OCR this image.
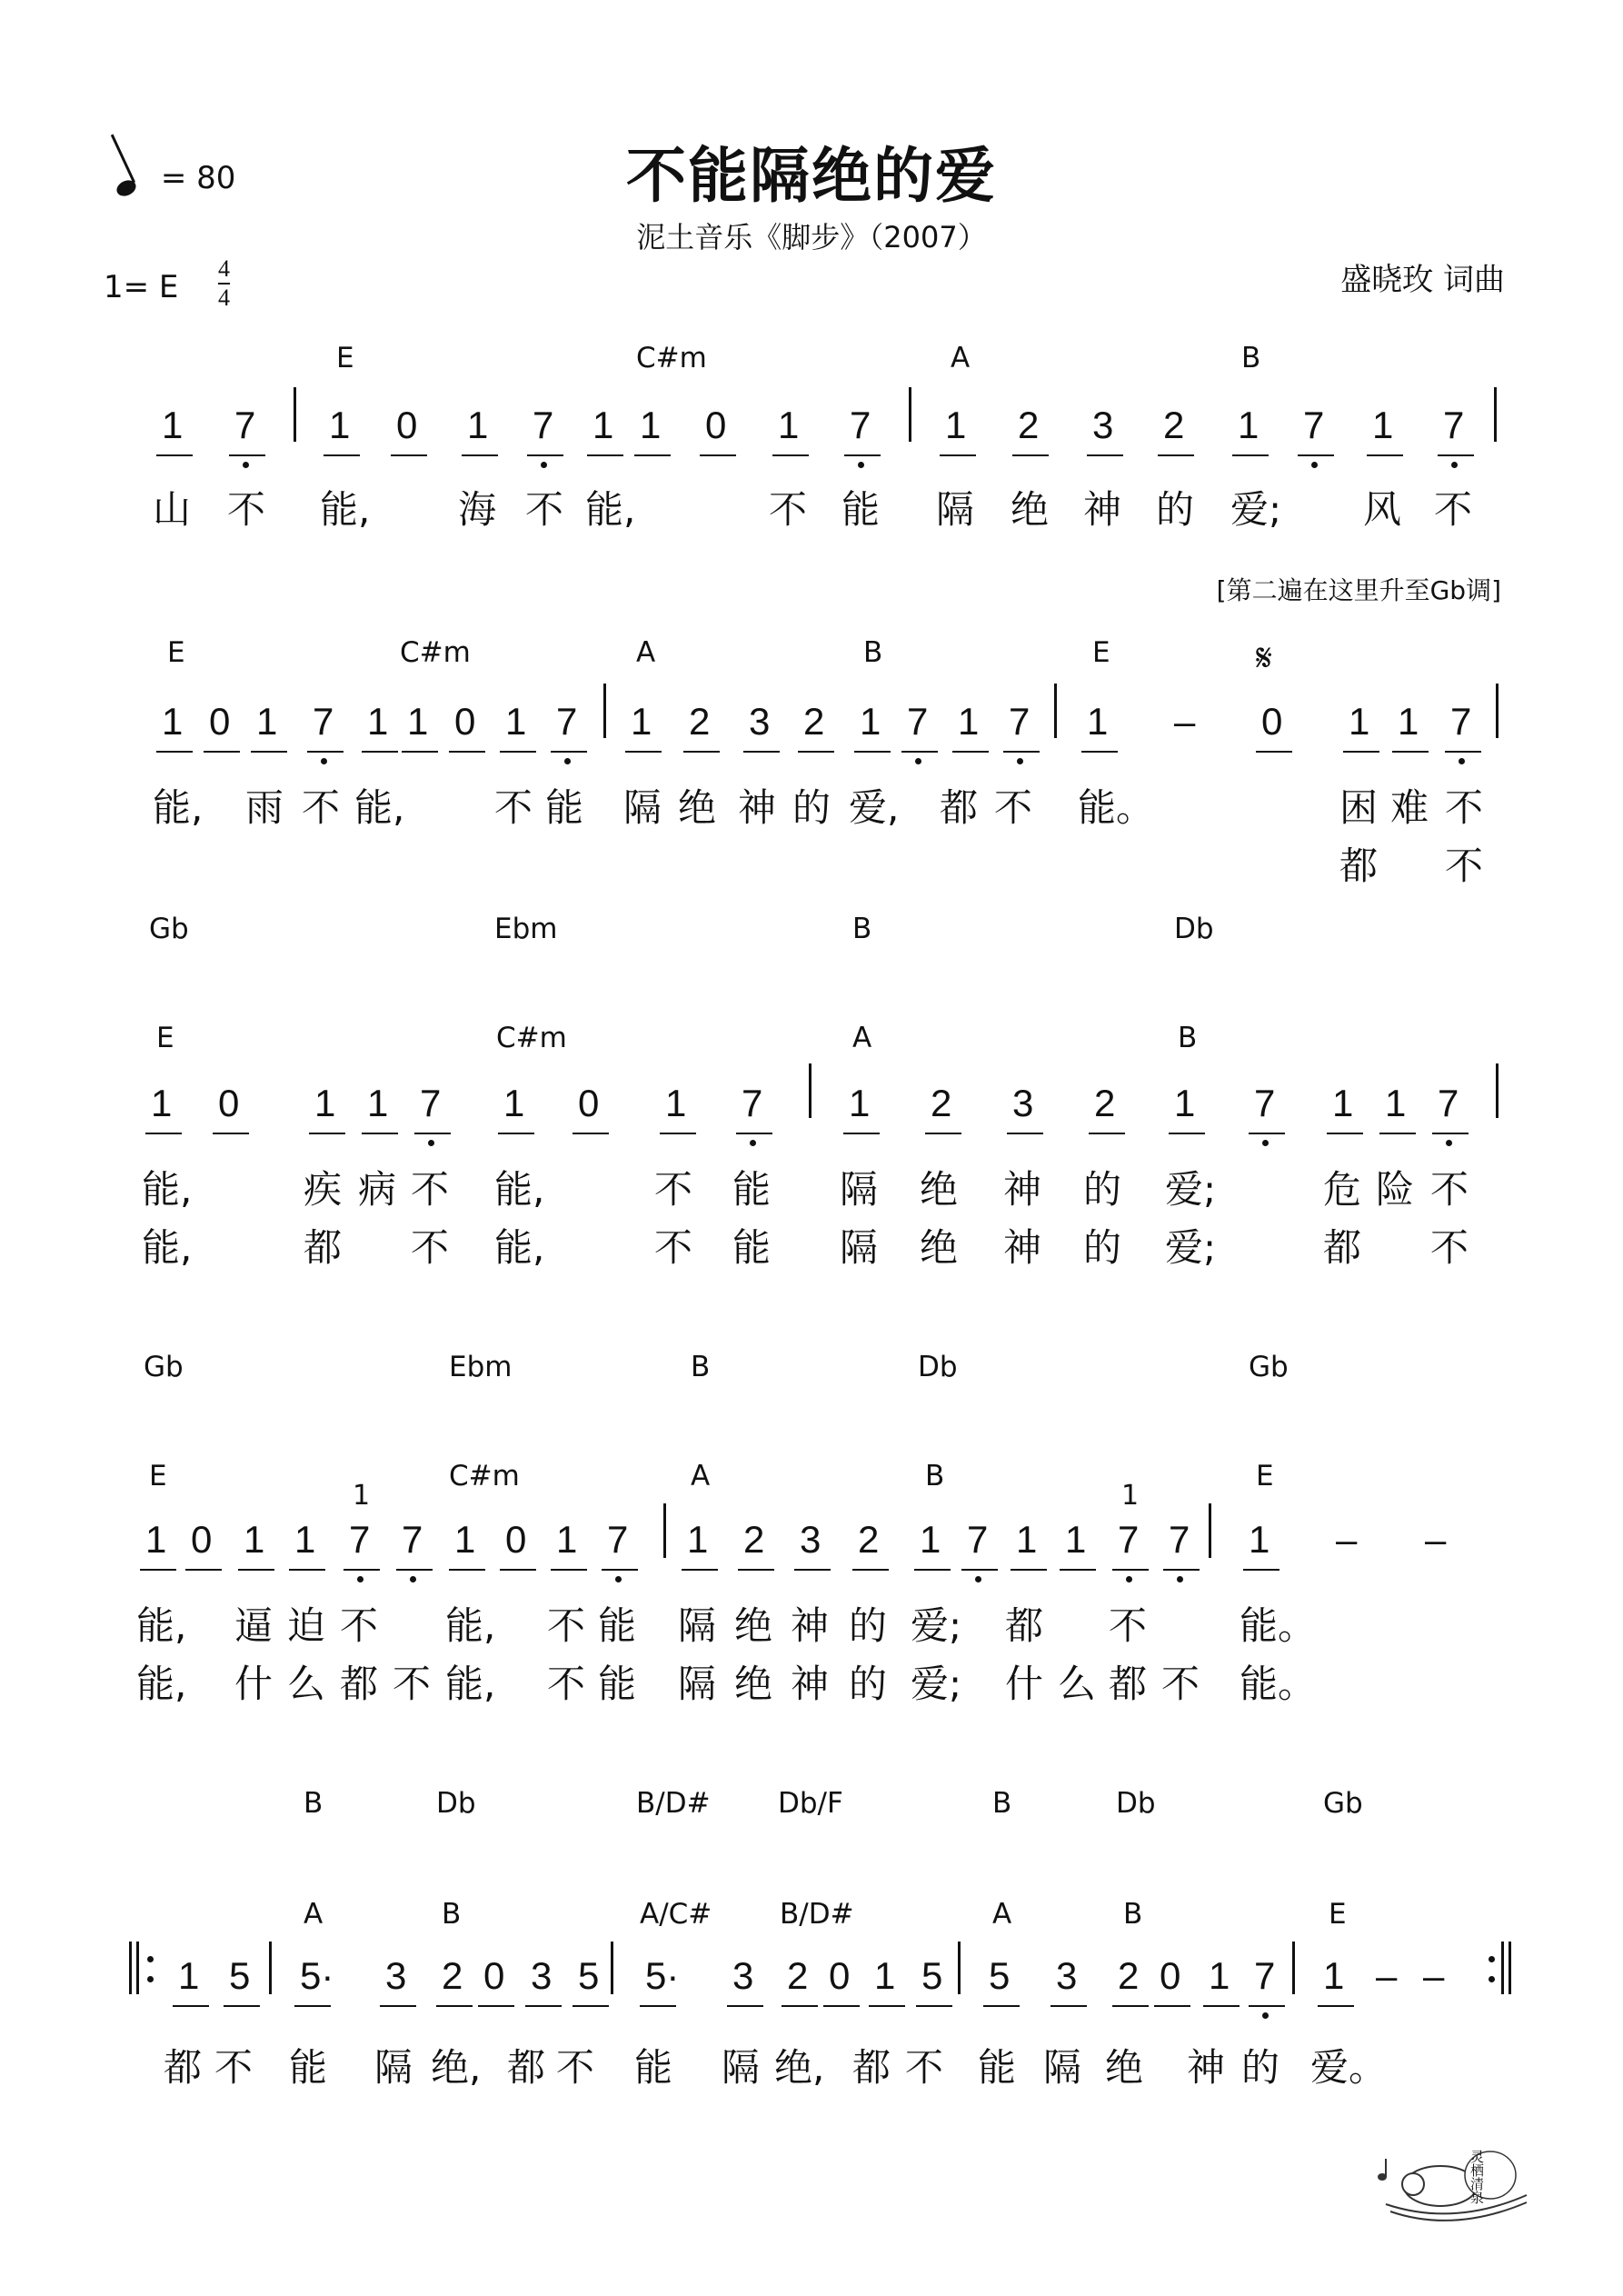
不能隔绝的爱
泥土音乐《脚步》（2007）
盛晓玫 词曲
= 80
1= E
4
4
[第二遍在这里升至Gb调]
E	C#m	A	B
1 7 1 0 1 7 1 1 0 1 7 1 2 3 2 1 7 1 7
山 不 能, 海 不 能,	不 能 隔 绝 神 的 爱; 风 不
E	C#m	A	B	E
1 0 1 7 1 1 0 1 7 1 2 3 2 1 7 1 7 1 – 0 1 1 7
能, 雨 不 能, 不 能 隔 绝 神 的 爱, 都 不 能。	困 难 不
都 不
𝄋
Gb	Ebm	B	Db
E	C#m	A	B
1 0 1 1 7 1 0 1 7 1 2 3 2 1 7 1 1 7
能,	疾 病 不 能,	不 能 隔 绝 神 的 爱;	危 险 不
能,	都 不 能,	不 能 隔 绝 神 的 爱;	都 不
Gb	Ebm	B	Db	Gb
E	C#m	A	B	E
1 0 1 1 7 7 1 0 1 7 1 2 3 2 1 7 1 1 7 7 1 – –
1	1
能, 逼 迫 不 能, 不 能 隔 绝 神 的 爱; 都 不 能。
能, 什 么 都 不 能, 不 能 隔 绝 神 的 爱; 什 么 都 不 能。
B	Db	B/D# Db/F	B	Db	Gb
A	B	A/C# B/D#	A	B	E
1 5 5· 3 2 0 3 5 5· 3 2 0 1 5 5 3 2 0 1 7 1 – –
都 不 能 隔 绝, 都 不 能 隔 绝, 都 不 能 隔 绝 神 的 爱。
灵栖清泉
